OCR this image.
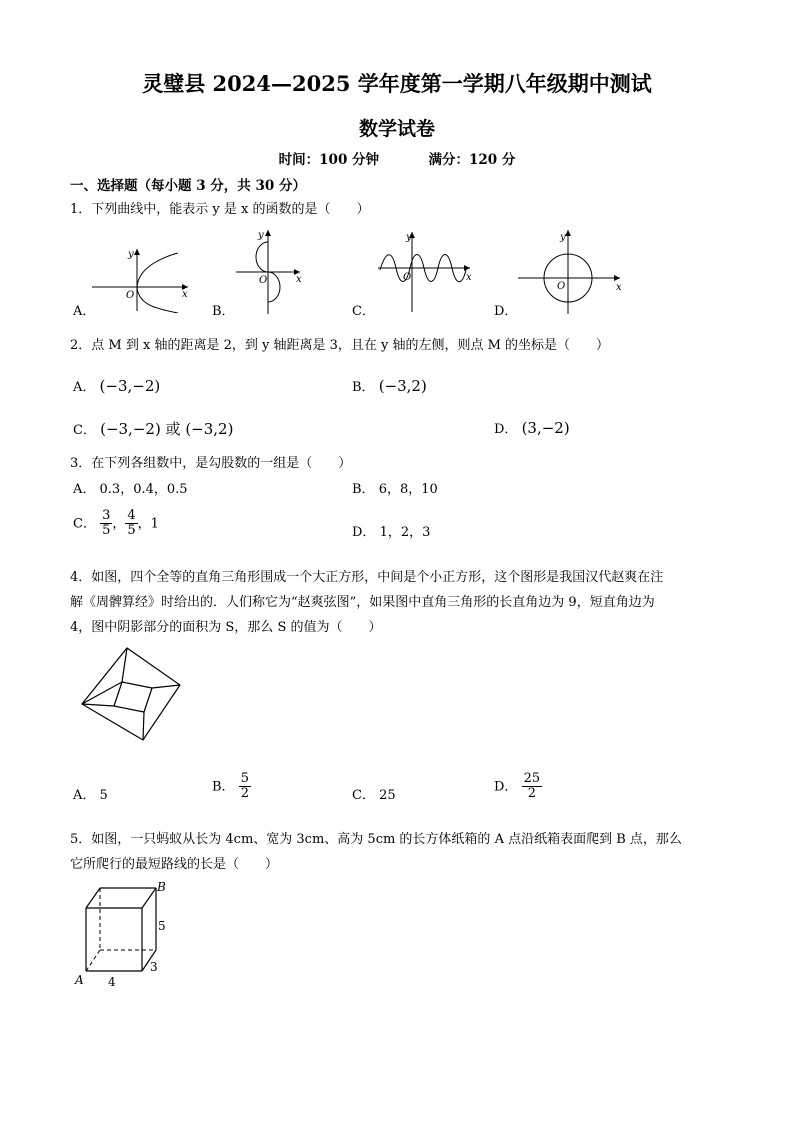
灵璧县 2024—2025 学年度第一学期八年级期中测试
数学试卷
时间：100 分钟	满分：120 分
一、选择题（每小题 3 分，共 30 分）
1．下列曲线中，能表示 y 是 x 的函数的是（　　）
A．
y
x
O
B．
y
x
O
C．
y
x
O
D．
y
x
O
2．点 M 到 x 轴的距离是 2，到 y 轴距离是 3，且在 y 轴的左侧，则点 M 的坐标是（　　）
A． (−3,−2)	B． (−3,2)
C． (−3,−2) 或 (−3,2)	D． (3,−2)
3．在下列各组数中，是勾股数的一组是（　　）
A． 0.3，0.4，0.5	B． 6，8，10
C． $\frac{3}{5}$ ， $\frac{4}{5}$ ，1
D． 1，2，3
4．如图，四个全等的直角三角形围成一个大正方形，中间是个小正方形，这个图形是我国汉代赵爽在注
解《周髀算经》时给出的．人们称它为“赵爽弦图”，如果图中直角三角形的长直角边为 9，短直角边为
4，图中阴影部分的面积为 S，那么 S 的值为（　　）
A． 5
B． $\frac{5}{2}$	C． 25
D． $\frac{25}{2}$
5．如图，一只蚂蚁从长为 4cm、宽为 3cm、高为 5cm 的长方体纸箱的 A 点沿纸箱表面爬到 B 点，那么
它所爬行的最短路线的长是（　　）
A
B
4
3
5
